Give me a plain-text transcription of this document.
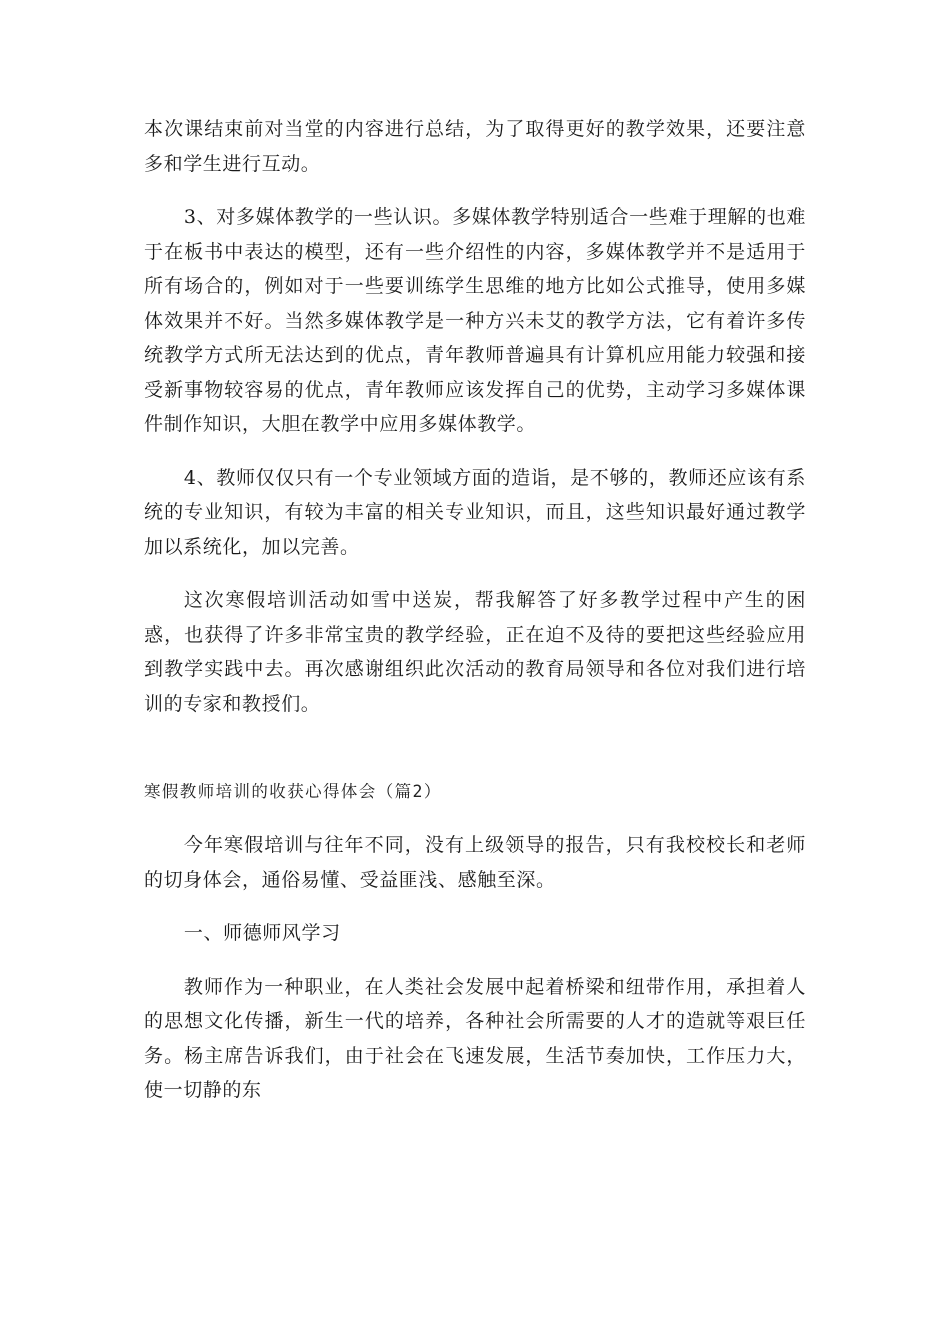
本次课结束前对当堂的内容进行总结，为了取得更好的教学效果，还要注意多和学生进行互动。

3、对多媒体教学的一些认识。多媒体教学特别适合一些难于理解的也难于在板书中表达的模型，还有一些介绍性的内容，多媒体教学并不是适用于所有场合的，例如对于一些要训练学生思维的地方比如公式推导，使用多媒体效果并不好。当然多媒体教学是一种方兴未艾的教学方法，它有着许多传统教学方式所无法达到的优点，青年教师普遍具有计算机应用能力较强和接受新事物较容易的优点，青年教师应该发挥自己的优势，主动学习多媒体课件制作知识，大胆在教学中应用多媒体教学。

4、教师仅仅只有一个专业领域方面的造诣，是不够的，教师还应该有系统的专业知识，有较为丰富的相关专业知识，而且，这些知识最好通过教学加以系统化，加以完善。

这次寒假培训活动如雪中送炭，帮我解答了好多教学过程中产生的困惑，也获得了许多非常宝贵的教学经验，正在迫不及待的要把这些经验应用到教学实践中去。再次感谢组织此次活动的教育局领导和各位对我们进行培训的专家和教授们。

寒假教师培训的收获心得体会（篇2）

今年寒假培训与往年不同，没有上级领导的报告，只有我校校长和老师的切身体会，通俗易懂、受益匪浅、感触至深。

一、师德师风学习

教师作为一种职业，在人类社会发展中起着桥梁和纽带作用，承担着人的思想文化传播，新生一代的培养，各种社会所需要的人才的造就等艰巨任务。杨主席告诉我们，由于社会在飞速发展，生活节奏加快，工作压力大，使一切静的东
